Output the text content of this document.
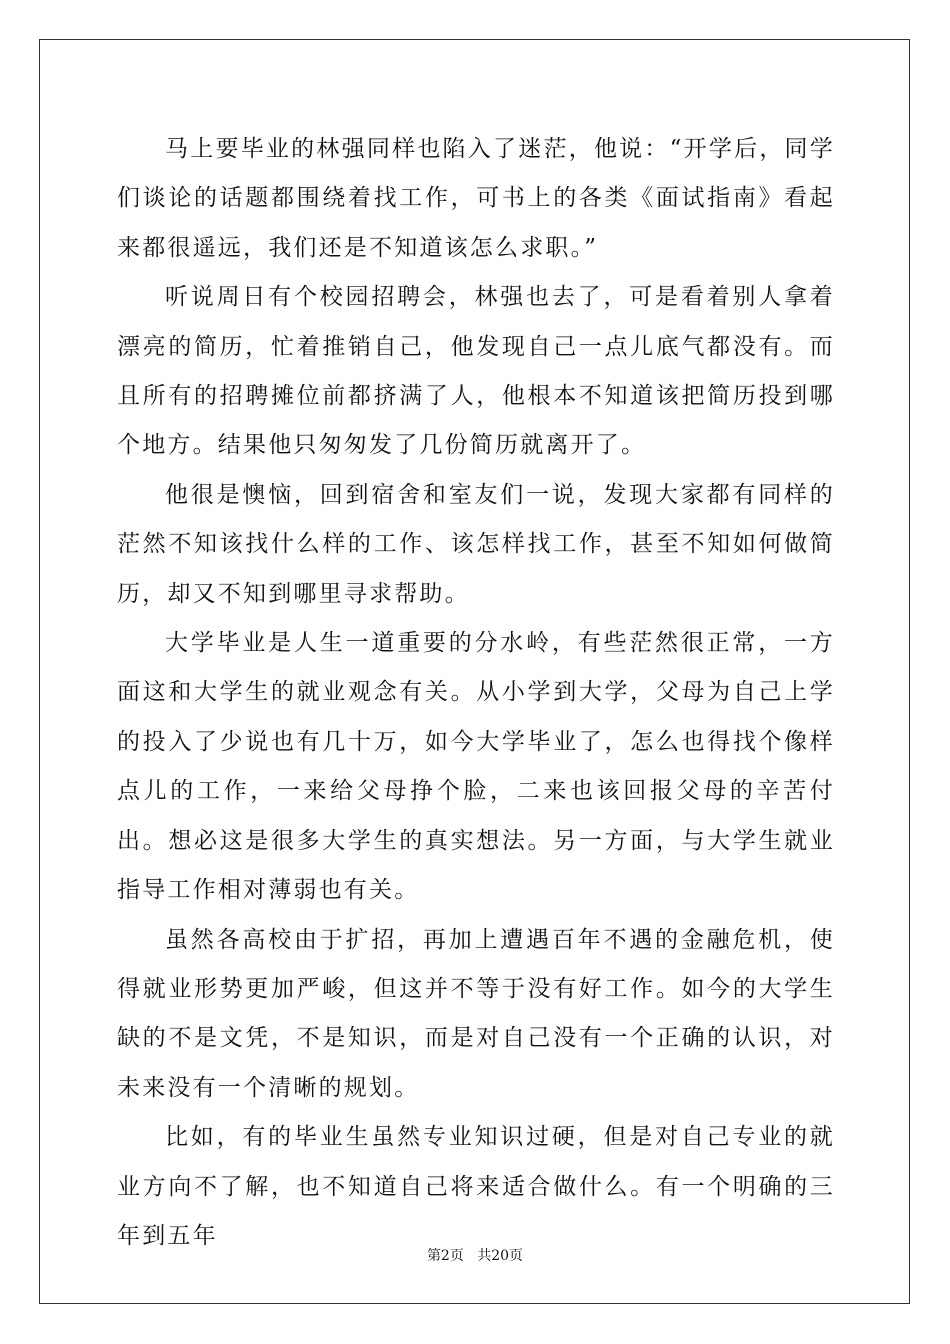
马上要毕业的林强同样也陷入了迷茫，他说：“开学后，同学们谈论的话题都围绕着找工作，可书上的各类《面试指南》看起来都很遥远，我们还是不知道该怎么求职。”

听说周日有个校园招聘会，林强也去了，可是看着别人拿着漂亮的简历，忙着推销自己，他发现自己一点儿底气都没有。而且所有的招聘摊位前都挤满了人，他根本不知道该把简历投到哪个地方。结果他只匆匆发了几份简历就离开了。

他很是懊恼，回到宿舍和室友们一说，发现大家都有同样的茫然不知该找什么样的工作、该怎样找工作，甚至不知如何做简历，却又不知到哪里寻求帮助。

大学毕业是人生一道重要的分水岭，有些茫然很正常，一方面这和大学生的就业观念有关。从小学到大学，父母为自己上学的投入了少说也有几十万，如今大学毕业了，怎么也得找个像样点儿的工作，一来给父母挣个脸，二来也该回报父母的辛苦付出。想必这是很多大学生的真实想法。另一方面，与大学生就业指导工作相对薄弱也有关。

虽然各高校由于扩招，再加上遭遇百年不遇的金融危机，使得就业形势更加严峻，但这并不等于没有好工作。如今的大学生缺的不是文凭，不是知识，而是对自己没有一个正确的认识，对未来没有一个清晰的规划。

比如，有的毕业生虽然专业知识过硬，但是对自己专业的就业方向不了解，也不知道自己将来适合做什么。有一个明确的三年到五年

第2页 共20页
